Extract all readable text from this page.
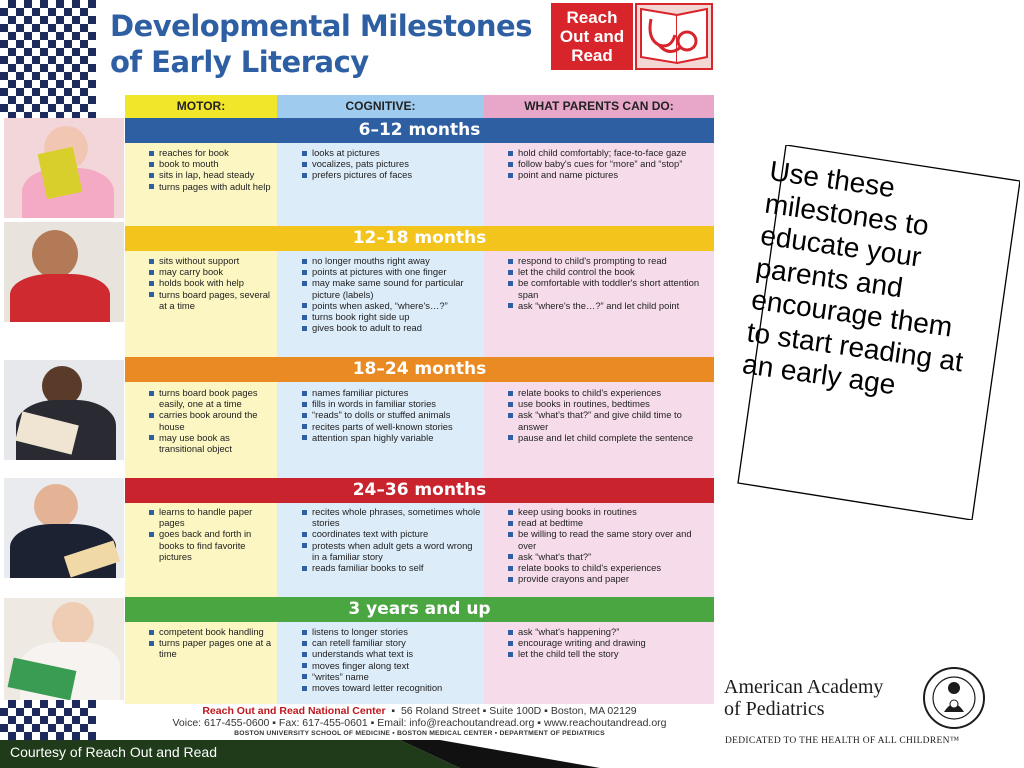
Developmental Milestones
of Early Literacy
Reach
Out and
Read
MOTOR:	COGNITIVE:	WHAT PARENTS CAN DO:
6–12 months
reaches for book
book to mouth
sits in lap, head steady
turns pages with adult help
looks at pictures
vocalizes, pats pictures
prefers pictures of faces
hold child comfortably; face-to-face gaze
follow baby's cues for “more” and “stop”
point and name pictures
12–18 months
sits without support
may carry book
holds book with help
turns board pages, several at a time
no longer mouths right away
points at pictures with one finger
may make same sound for particular picture (labels)
points when asked, “where's…?”
turns book right side up
gives book to adult to read
respond to child's prompting to read
let the child control the book
be comfortable with toddler's short attention span
ask “where's the…?” and let child point
18–24 months
turns board book pages easily, one at a time
carries book around the house
may use book as transitional object
names familiar pictures
fills in words in familiar stories
“reads” to dolls or stuffed animals
recites parts of well-known stories
attention span highly variable
relate books to child's experiences
use books in routines, bedtimes
ask “what's that?” and give child time to answer
pause and let child complete the sentence
24–36 months
learns to handle paper pages
goes back and forth in books to find favorite pictures
recites whole phrases, sometimes whole stories
coordinates text with picture
protests when adult gets a word wrong in a familiar story
reads familiar books to self
keep using books in routines
read at bedtime
be willing to read the same story over and over
ask “what's that?”
relate books to child's experiences
provide crayons and paper
3 years and up
competent book handling
turns paper pages one at a time
listens to longer stories
can retell familiar story
understands what text is
moves finger along text
“writes” name
moves toward letter recognition
ask “what's happening?”
encourage writing and drawing
let the child tell the story
Reach Out and Read National Center  ▪  56 Roland Street ▪ Suite 100D ▪ Boston, MA 02129
Voice: 617-455-0600 ▪ Fax: 617-455-0601 ▪ Email: info@reachoutandread.org ▪ www.reachoutandread.org
BOSTON UNIVERSITY SCHOOL OF MEDICINE ▪ BOSTON MEDICAL CENTER ▪ DEPARTMENT OF PEDIATRICS
Use these milestones to educate your parents and encourage them to start reading at an early age
American Academy
of Pediatrics
DEDICATED TO THE HEALTH OF ALL CHILDREN™
Courtesy of Reach Out and Read
